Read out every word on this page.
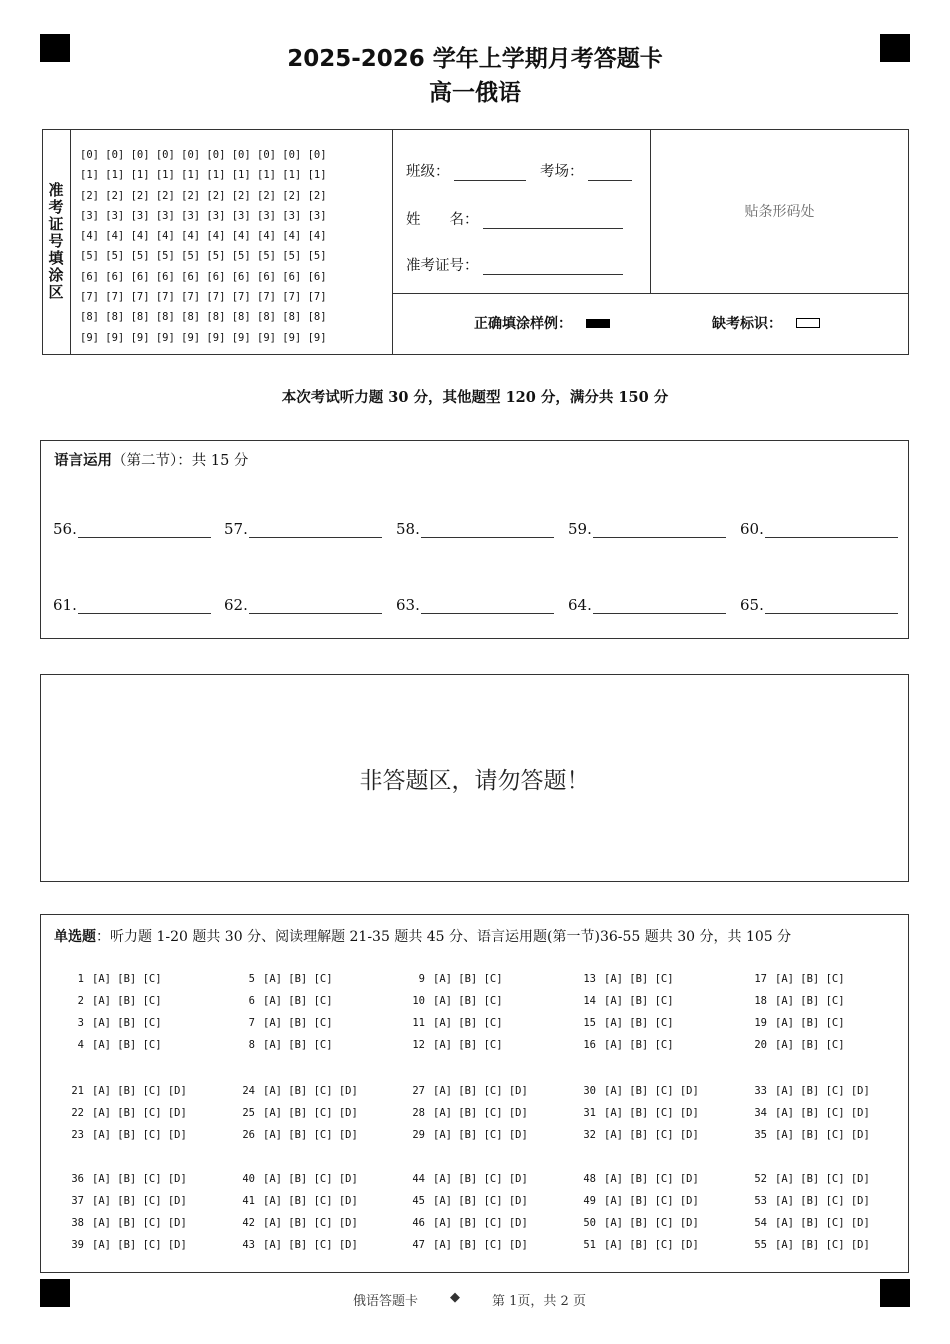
2025-2026 学年上学期月考答题卡
高一俄语
准考证号填涂区
[0] [0] [0] [0] [0] [0] [0] [0] [0] [0]
[1] [1] [1] [1] [1] [1] [1] [1] [1] [1]
[2] [2] [2] [2] [2] [2] [2] [2] [2] [2]
[3] [3] [3] [3] [3] [3] [3] [3] [3] [3]
[4] [4] [4] [4] [4] [4] [4] [4] [4] [4]
[5] [5] [5] [5] [5] [5] [5] [5] [5] [5]
[6] [6] [6] [6] [6] [6] [6] [6] [6] [6]
[7] [7] [7] [7] [7] [7] [7] [7] [7] [7]
[8] [8] [8] [8] [8] [8] [8] [8] [8] [8]
[9] [9] [9] [9] [9] [9] [9] [9] [9] [9]
班级：	考场：
姓　　名：
准考证号：
贴条形码处
正确填涂样例：	缺考标识：
本次考试听力题 30 分，其他题型 120 分，满分共 150 分
语言运用（第二节）：共 15 分
56.	57.	58.	59.	60.
61.	62.	63.	64.	65.
非答题区，请勿答题！
单选题：听力题 1-20 题共 30 分、阅读理解题 21-35 题共 45 分、语言运用题(第一节)36-55 题共 30 分，共 105 分
1 [A] [B] [C]
2 [A] [B] [C]
3 [A] [B] [C]
4 [A] [B] [C]
5 [A] [B] [C]
6 [A] [B] [C]
7 [A] [B] [C]
8 [A] [B] [C]
9 [A] [B] [C]
10 [A] [B] [C]
11 [A] [B] [C]
12 [A] [B] [C]
13 [A] [B] [C]
14 [A] [B] [C]
15 [A] [B] [C]
16 [A] [B] [C]
17 [A] [B] [C]
18 [A] [B] [C]
19 [A] [B] [C]
20 [A] [B] [C]
21 [A] [B] [C] [D]
22 [A] [B] [C] [D]
23 [A] [B] [C] [D]
24 [A] [B] [C] [D]
25 [A] [B] [C] [D]
26 [A] [B] [C] [D]
27 [A] [B] [C] [D]
28 [A] [B] [C] [D]
29 [A] [B] [C] [D]
30 [A] [B] [C] [D]
31 [A] [B] [C] [D]
32 [A] [B] [C] [D]
33 [A] [B] [C] [D]
34 [A] [B] [C] [D]
35 [A] [B] [C] [D]
36 [A] [B] [C] [D]
37 [A] [B] [C] [D]
38 [A] [B] [C] [D]
39 [A] [B] [C] [D]
40 [A] [B] [C] [D]
41 [A] [B] [C] [D]
42 [A] [B] [C] [D]
43 [A] [B] [C] [D]
44 [A] [B] [C] [D]
45 [A] [B] [C] [D]
46 [A] [B] [C] [D]
47 [A] [B] [C] [D]
48 [A] [B] [C] [D]
49 [A] [B] [C] [D]
50 [A] [B] [C] [D]
51 [A] [B] [C] [D]
52 [A] [B] [C] [D]
53 [A] [B] [C] [D]
54 [A] [B] [C] [D]
55 [A] [B] [C] [D]
俄语答题卡 ◆ 第 1页，共 2 页
